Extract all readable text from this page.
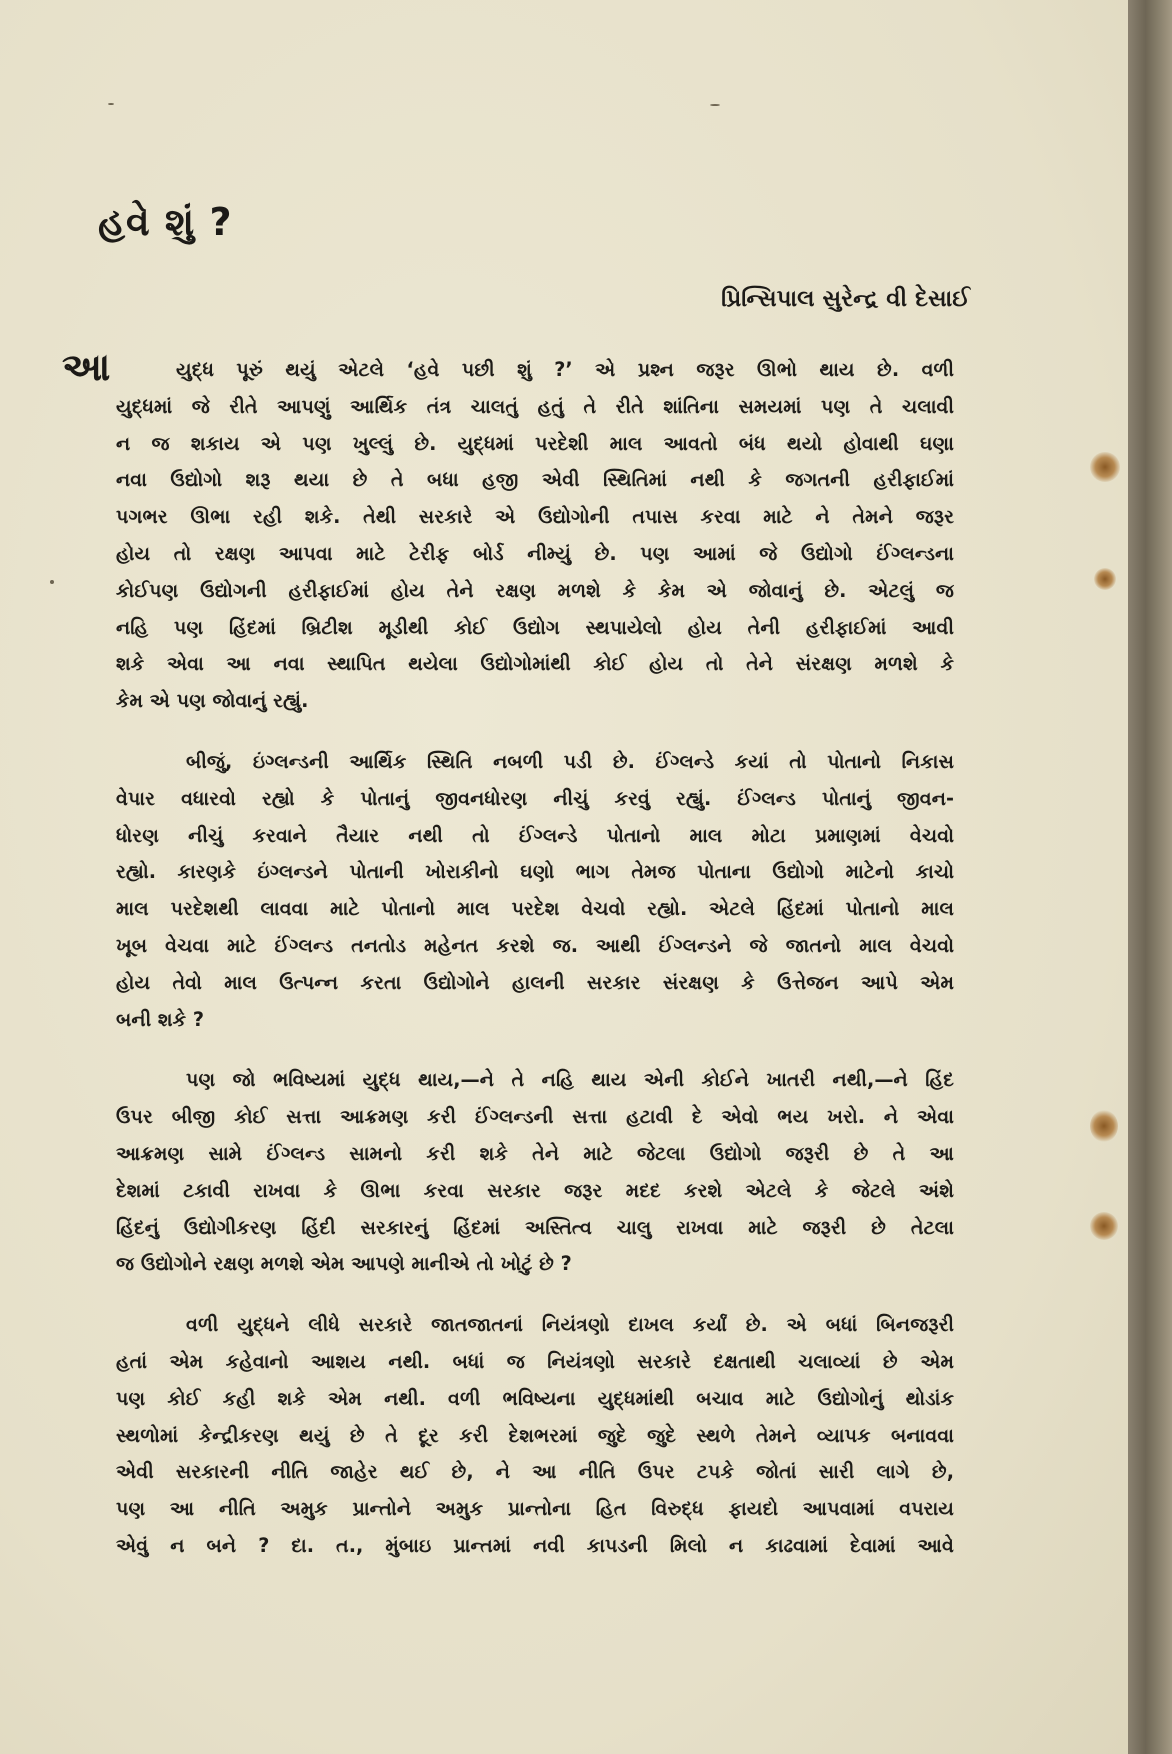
હવે શું ?
પ્રિન્સિપાલ સુરેન્દ્ર વી દેસાઈ
આ	યુદ્ધ પૂરું થયું એટલે ‘હવે પછી શું ?’ એ પ્રશ્ન જરૂર ઊભો થાય છે. વળી
યુદ્ધમાં જે રીતે આપણું આર્થિક તંત્ર ચાલતું હતું તે રીતે શાંતિના સમયમાં પણ તે ચલાવી
ન જ શકાય એ પણ ખુલ્લું છે. યુદ્ધમાં પરદેશી માલ આવતો બંધ થયો હોવાથી ઘણા
નવા ઉદ્યોગો શરૂ થયા છે તે બધા હજી એવી સ્થિતિમાં નથી કે જગતની હરીફાઈમાં
પગભર ઊભા રહી શકે. તેથી સરકારે એ ઉદ્યોગોની તપાસ કરવા માટે ને તેમને જરૂર
હોય તો રક્ષણ આપવા માટે ટેરીફ બોર્ડ નીમ્યું છે. પણ આમાં જે ઉદ્યોગો ઈંગ્લન્ડના
કોઈપણ ઉદ્યોગની હરીફાઈમાં હોય તેને રક્ષણ મળશે કે કેમ એ જોવાનું છે. એટલું જ
નહિ પણ હિંદમાં બ્રિટીશ મૂડીથી કોઈ ઉદ્યોગ સ્થપાયેલો હોય તેની હરીફાઈમાં આવી
શકે એવા આ નવા સ્થાપિત થયેલા ઉદ્યોગોમાંથી કોઈ હોય તો તેને સંરક્ષણ મળશે કે
કેમ એ પણ જોવાનું રહ્યું.
બીજું, ઇંગ્લન્ડની આર્થિક સ્થિતિ નબળી પડી છે. ઈંગ્લન્ડે કયાં તો પોતાનો નિકાસ
વેપાર વધારવો રહ્યો કે પોતાનું જીવનધોરણ નીચું કરવું રહ્યું. ઈંગ્લન્ડ પોતાનું જીવન-
ધોરણ નીચું કરવાને તૈયાર નથી તો ઈંગ્લન્ડે પોતાનો માલ મોટા પ્રમાણમાં વેચવો
રહ્યો. કારણકે ઇંગ્લન્ડને પોતાની ખોરાકીનો ઘણો ભાગ તેમજ પોતાના ઉદ્યોગો માટેનો કાચો
માલ પરદેશથી લાવવા માટે પોતાનો માલ પરદેશ વેચવો રહ્યો. એટલે હિંદમાં પોતાનો માલ
ખૂબ વેચવા માટે ઈંગ્લન્ડ તનતોડ મહેનત કરશે જ. આથી ઈંગ્લન્ડને જે જાતનો માલ વેચવો
હોય તેવો માલ ઉત્પન્ન કરતા ઉદ્યોગોને હાલની સરકાર સંરક્ષણ કે ઉત્તેજન આપે એમ
બની શકે ?
પણ જો ભવિષ્યમાં યુદ્ધ થાય,—ને તે નહિ થાય એની કોઈને ખાતરી નથી,—ને હિંદ
ઉપર બીજી કોઈ સત્તા આક્રમણ કરી ઈંગ્લન્ડની સત્તા હટાવી દે એવો ભય ખરો. ને એવા
આક્રમણ સામે ઈંગ્લન્ડ સામનો કરી શકે તેને માટે જેટલા ઉદ્યોગો જરૂરી છે તે આ
દેશમાં ટકાવી રાખવા કે ઊભા કરવા સરકાર જરૂર મદદ કરશે એટલે કે જેટલે અંશે
હિંદનું ઉદ્યોગીકરણ હિંદી સરકારનું હિંદમાં અસ્તિત્વ ચાલુ રાખવા માટે જરૂરી છે તેટલા
જ ઉદ્યોગોને રક્ષણ મળશે એમ આપણે માનીએ તો ખોટું છે ?
વળી યુદ્ધને લીધે સરકારે જાતજાતનાં નિયંત્રણો દાખલ કર્યાં છે. એ બધાં બિનજરૂરી
હતાં એમ કહેવાનો આશય નથી. બધાં જ નિયંત્રણો સરકારે દક્ષતાથી ચલાવ્યાં છે એમ
પણ કોઈ કહી શકે એમ નથી. વળી ભવિષ્યના યુદ્ધમાંથી બચાવ માટે ઉદ્યોગોનું થોડાંક
સ્થળોમાં કેન્દ્રીકરણ થયું છે તે દૂર કરી દેશભરમાં જુદે જુદે સ્થળે તેમને વ્યાપક બનાવવા
એવી સરકારની નીતિ જાહેર થઈ છે, ને આ નીતિ ઉપર ટપકે જોતાં સારી લાગે છે,
પણ આ નીતિ અમુક પ્રાન્તોને અમુક પ્રાન્તોના હિત વિરુદ્ધ ફાયદો આપવામાં વપરાય
એવું ન બને ? દા. ત., મુંબાઇ પ્રાન્તમાં નવી કાપડની મિલો ન કાઢવામાં દેવામાં આવે
